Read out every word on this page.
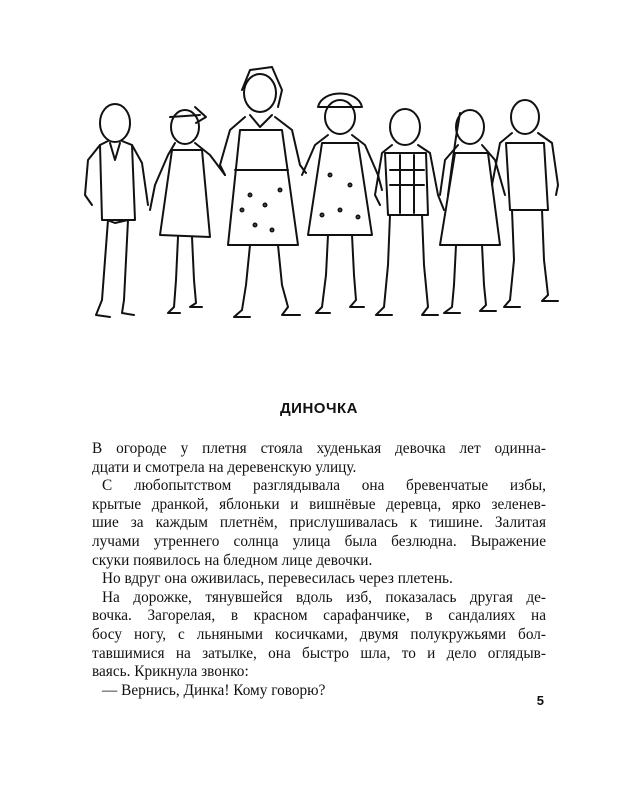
ДИНОЧКА
В огороде у плетня стояла худенькая девочка лет одинна-
дцати и смотрела на деревенскую улицу.
С любопытством разглядывала она бревенчатые избы,
крытые дранкой, яблоньки и вишнёвые деревца, ярко зеленев-
шие за каждым плетнём, прислушивалась к тишине. Залитая
лучами утреннего солнца улица была безлюдна. Выражение
скуки появилось на бледном лице девочки.
Но вдруг она оживилась, перевесилась через плетень.
На дорожке, тянувшейся вдоль изб, показалась другая де-
вочка. Загорелая, в красном сарафанчике, в сандалиях на
босу ногу, с льняными косичками, двумя полукружьями бол-
тавшимися на затылке, она быстро шла, то и дело оглядыв-
ваясь. Крикнула звонко:
— Вернись, Динка! Кому говорю?
5
